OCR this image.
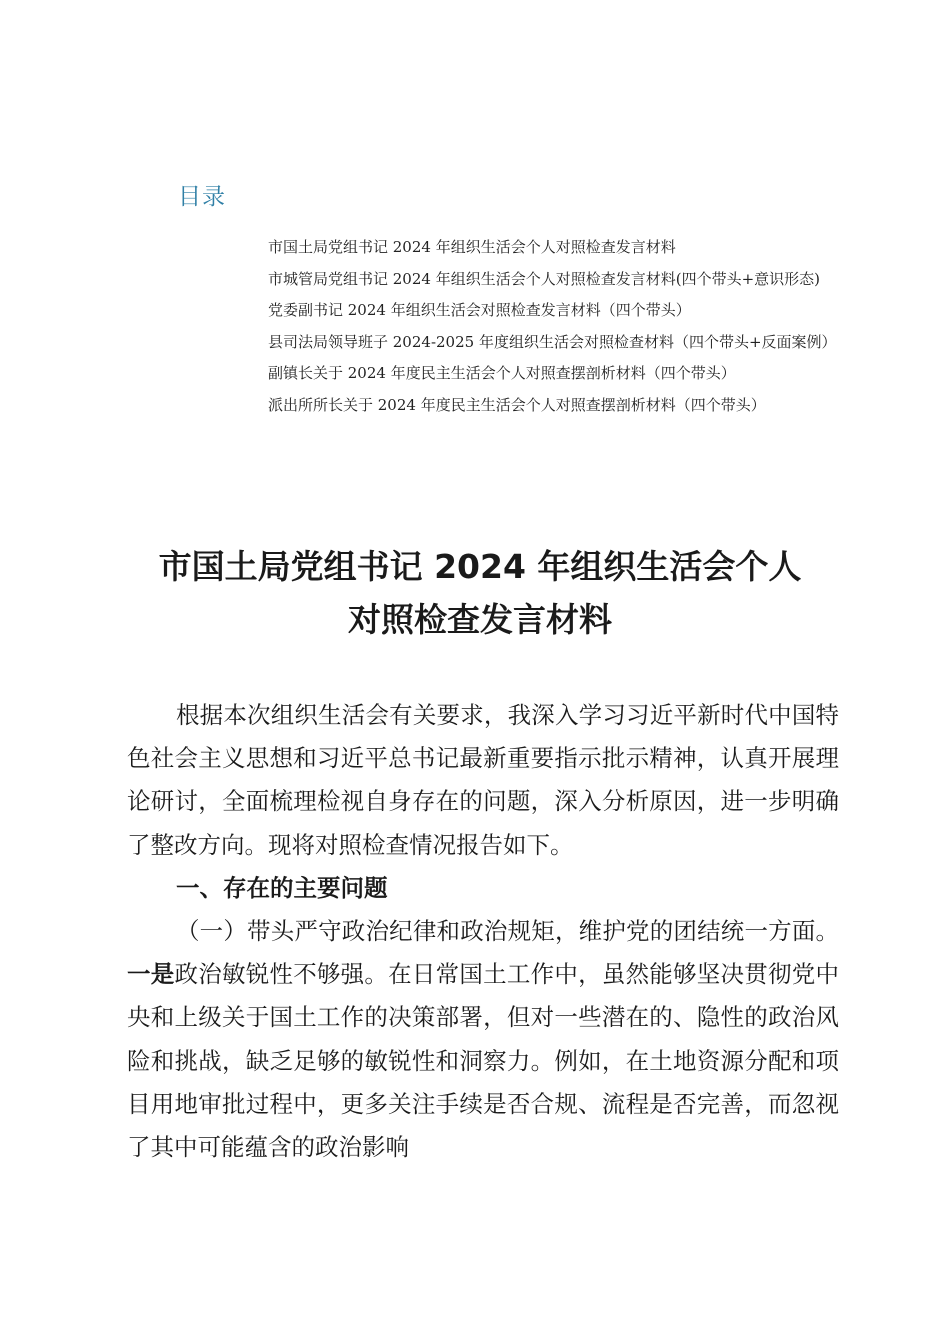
目录

市国土局党组书记 2024 年组织生活会个人对照检查发言材料

市城管局党组书记 2024 年组织生活会个人对照检查发言材料(四个带头+意识形态)

党委副书记 2024 年组织生活会对照检查发言材料（四个带头）

县司法局领导班子 2024-2025 年度组织生活会对照检查材料（四个带头+反面案例）

副镇长关于 2024 年度民主生活会个人对照查摆剖析材料（四个带头）

派出所所长关于 2024 年度民主生活会个人对照查摆剖析材料（四个带头）

市国土局党组书记 2024 年组织生活会个人
对照检查发言材料

根据本次组织生活会有关要求，我深入学习习近平新时代中国特色社会主义思想和习近平总书记最新重要指示批示精神，认真开展理论研讨，全面梳理检视自身存在的问题，深入分析原因，进一步明确了整改方向。现将对照检查情况报告如下。

一、存在的主要问题

（一）带头严守政治纪律和政治规矩，维护党的团结统一方面。一是政治敏锐性不够强。在日常国土工作中，虽然能够坚决贯彻党中央和上级关于国土工作的决策部署，但对一些潜在的、隐性的政治风险和挑战，缺乏足够的敏锐性和洞察力。例如，在土地资源分配和项目用地审批过程中，更多关注手续是否合规、流程是否完善，而忽视了其中可能蕴含的政治影响
